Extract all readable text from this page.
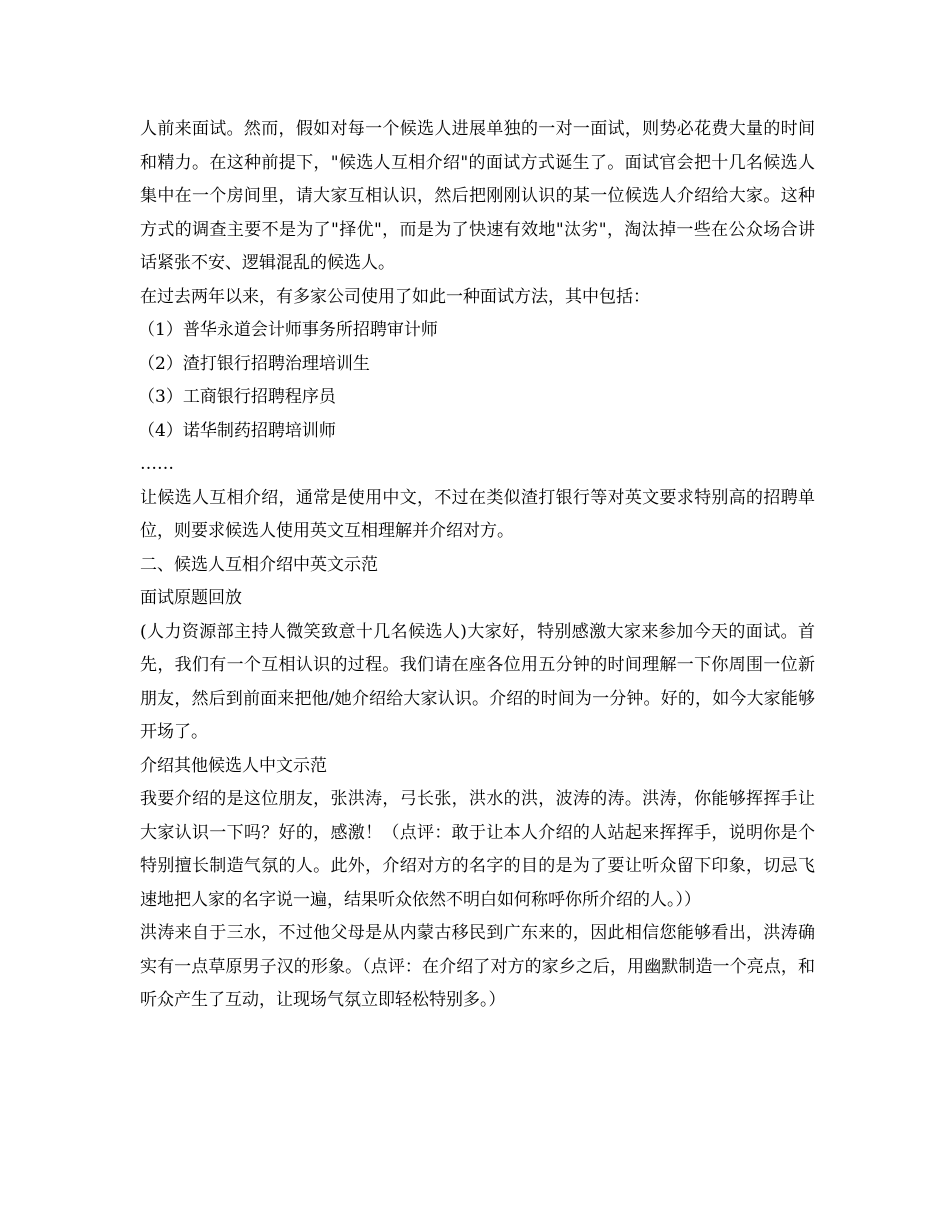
人前来面试。然而，假如对每一个候选人进展单独的一对一面试，则势必花费大量的时间和精力。在这种前提下，"候选人互相介绍"的面试方式诞生了。面试官会把十几名候选人集中在一个房间里，请大家互相认识，然后把刚刚认识的某一位候选人介绍给大家。这种方式的调查主要不是为了"择优"，而是为了快速有效地"汰劣"，淘汰掉一些在公众场合讲话紧张不安、逻辑混乱的候选人。

在过去两年以来，有多家公司使用了如此一种面试方法，其中包括：

（1）普华永道会计师事务所招聘审计师

（2）渣打银行招聘治理培训生

（3）工商银行招聘程序员

（4）诺华制药招聘培训师

……

让候选人互相介绍，通常是使用中文，不过在类似渣打银行等对英文要求特别高的招聘单位，则要求候选人使用英文互相理解并介绍对方。

二、候选人互相介绍中英文示范

面试原题回放

(人力资源部主持人微笑致意十几名候选人)大家好，特别感激大家来参加今天的面试。首先，我们有一个互相认识的过程。我们请在座各位用五分钟的时间理解一下你周围一位新朋友，然后到前面来把他/她介绍给大家认识。介绍的时间为一分钟。好的，如今大家能够开场了。

介绍其他候选人中文示范

我要介绍的是这位朋友，张洪涛，弓长张，洪水的洪，波涛的涛。洪涛，你能够挥挥手让大家认识一下吗？好的，感激！（点评：敢于让本人介绍的人站起来挥挥手，说明你是个特别擅长制造气氛的人。此外，介绍对方的名字的目的是为了要让听众留下印象，切忌飞速地把人家的名字说一遍，结果听众依然不明白如何称呼你所介绍的人。））

洪涛来自于三水，不过他父母是从内蒙古移民到广东来的，因此相信您能够看出，洪涛确实有一点草原男子汉的形象。（点评：在介绍了对方的家乡之后，用幽默制造一个亮点，和听众产生了互动，让现场气氛立即轻松特别多。）
